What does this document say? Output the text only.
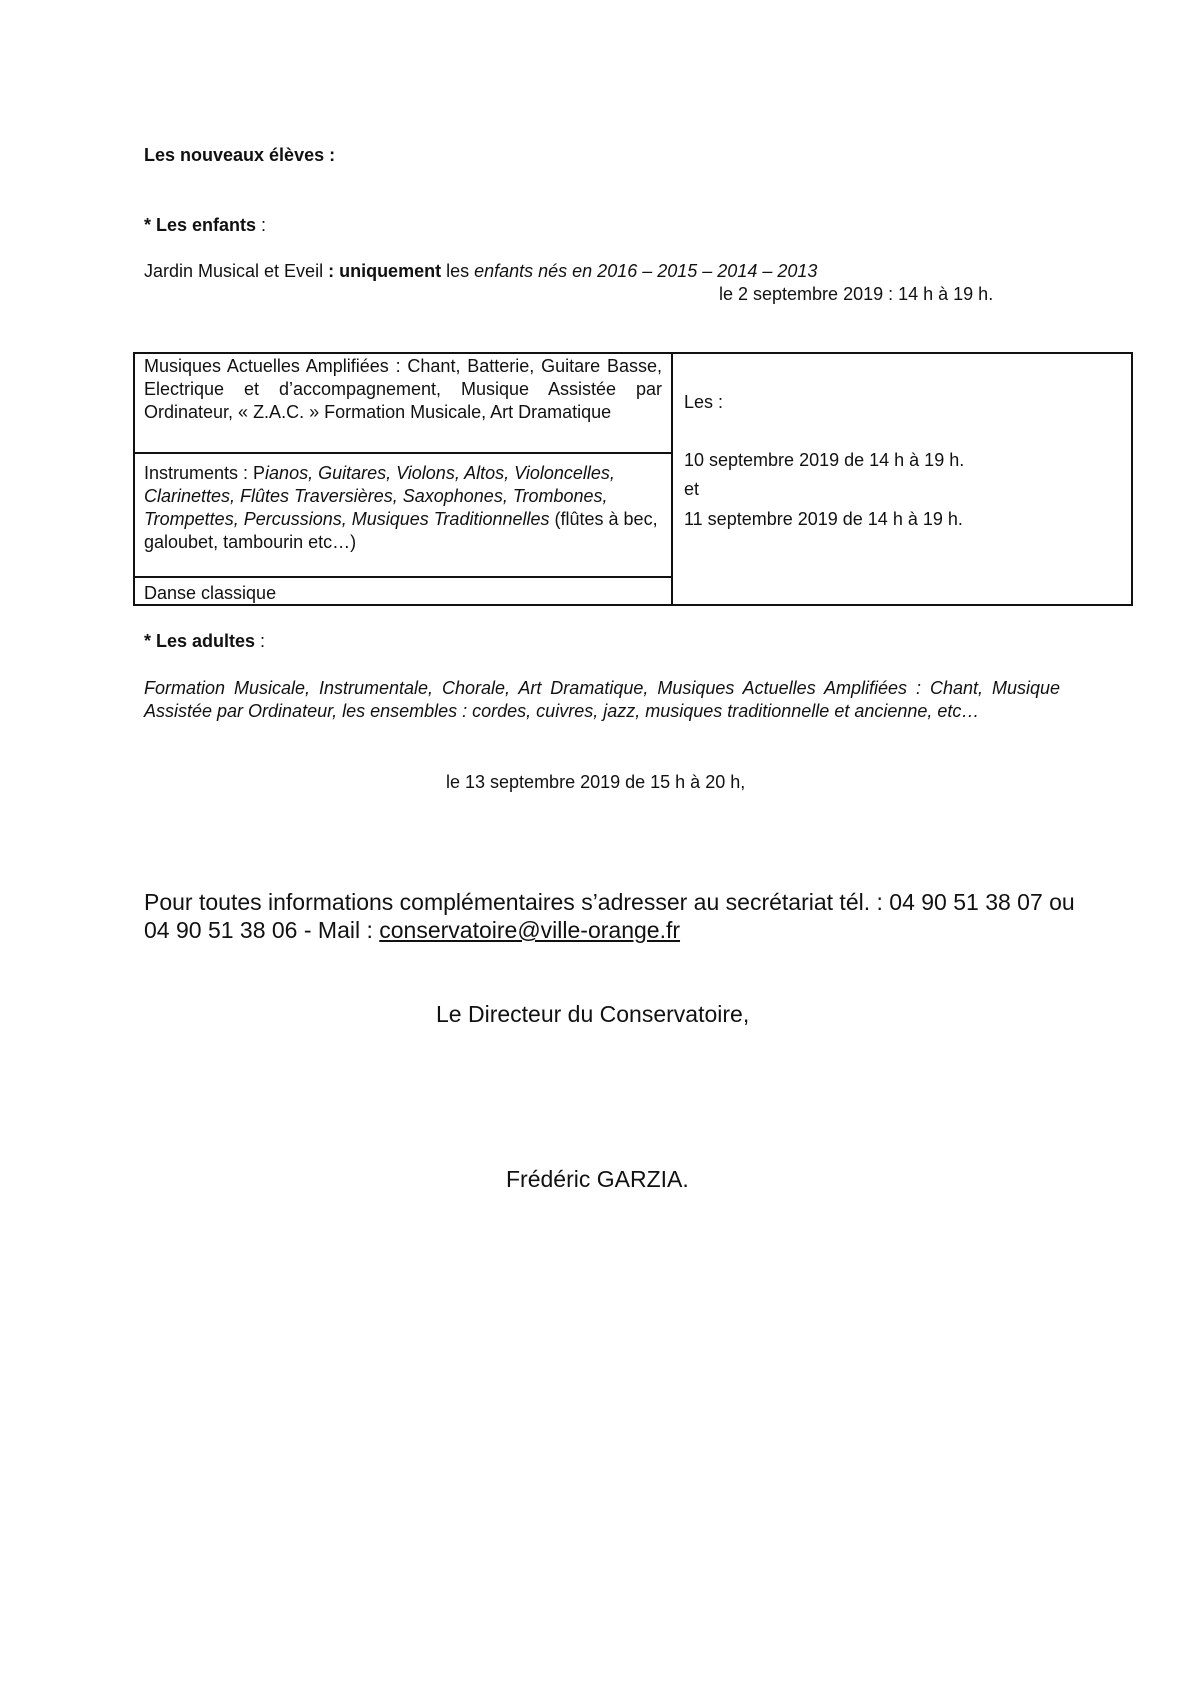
Les nouveaux élèves :

* Les enfants :

Jardin Musical et Eveil : uniquement les enfants nés en 2016 – 2015 – 2014 – 2013

le 2 septembre 2019 : 14 h à 19 h.

Musiques Actuelles Amplifiées : Chant, Batterie, Guitare Basse, Electrique et d’accompagnement, Musique Assistée par Ordinateur, « Z.A.C. » Formation Musicale, Art Dramatique
Instruments : Pianos, Guitares, Violons, Altos, Violoncelles, Clarinettes, Flûtes Traversières, Saxophones, Trombones, Trompettes, Percussions, Musiques Traditionnelles (flûtes à bec, galoubet, tambourin etc…)
Danse classique
Les :
10 septembre 2019 de 14 h à 19 h.
et
11 septembre 2019 de 14 h à 19 h.

* Les adultes :

Formation Musicale, Instrumentale, Chorale, Art Dramatique, Musiques Actuelles Amplifiées : Chant, Musique Assistée par Ordinateur, les ensembles : cordes, cuivres, jazz, musiques traditionnelle et ancienne, etc…

le 13 septembre 2019 de 15 h à 20 h,

Pour toutes informations complémentaires s’adresser au secrétariat tél. : 04 90 51 38 07 ou 04 90 51 38 06 - Mail : conservatoire@ville-orange.fr

Le Directeur du Conservatoire,

Frédéric GARZIA.
